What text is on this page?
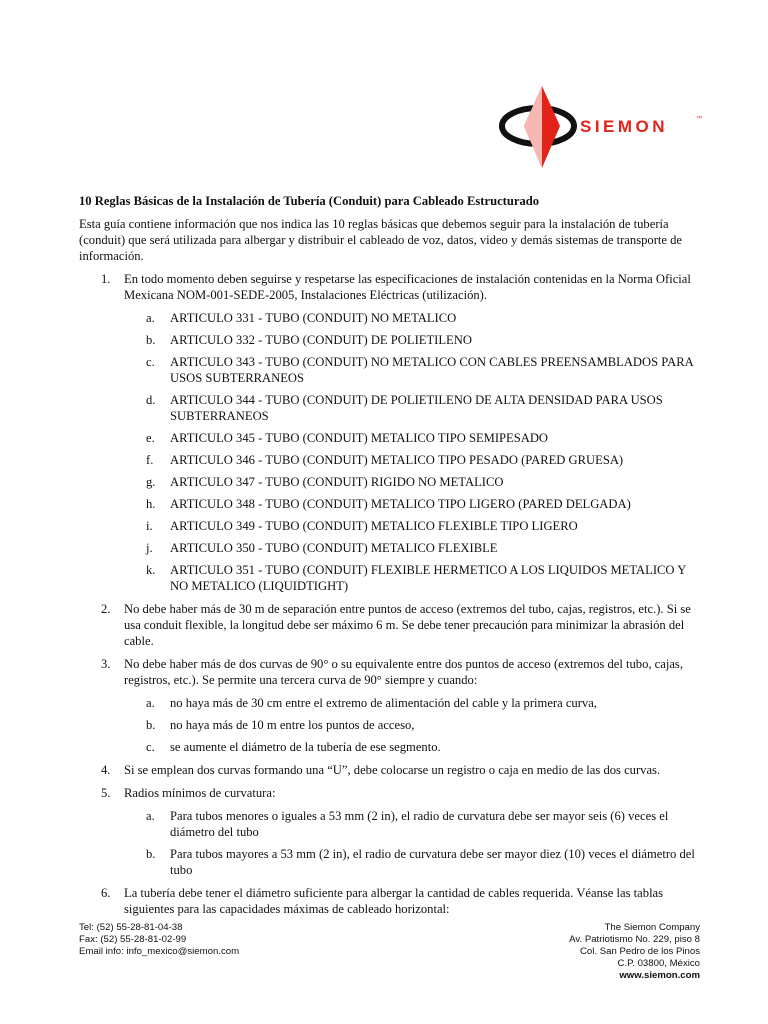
SIEMON	™
10 Reglas Básicas de la Instalación de Tubería (Conduit) para Cableado Estructurado

Esta guía contiene información que nos indica las 10 reglas básicas que debemos seguir para la instalación de tubería (conduit) que será utilizada para albergar y distribuir el cableado de voz, datos, video y demás sistemas de transporte de información.

1. En todo momento deben seguirse y respetarse las especificaciones de instalación contenidas en la Norma Oficial Mexicana NOM-001-SEDE-2005, Instalaciones Eléctricas (utilización).
a. ARTICULO 331 - TUBO (CONDUIT) NO METALICO
b. ARTICULO 332 - TUBO (CONDUIT) DE POLIETILENO
c. ARTICULO 343 - TUBO (CONDUIT) NO METALICO CON CABLES PREENSAMBLADOS PARA USOS SUBTERRANEOS
d. ARTICULO 344 - TUBO (CONDUIT) DE POLIETILENO DE ALTA DENSIDAD PARA USOS SUBTERRANEOS
e. ARTICULO 345 - TUBO (CONDUIT) METALICO TIPO SEMIPESADO
f. ARTICULO 346 - TUBO (CONDUIT) METALICO TIPO PESADO (PARED GRUESA)
g. ARTICULO 347 - TUBO (CONDUIT) RIGIDO NO METALICO
h. ARTICULO 348 - TUBO (CONDUIT) METALICO TIPO LIGERO (PARED DELGADA)
i. ARTICULO 349 - TUBO (CONDUIT) METALICO FLEXIBLE TIPO LIGERO
j. ARTICULO 350 - TUBO (CONDUIT) METALICO FLEXIBLE
k. ARTICULO 351 - TUBO (CONDUIT) FLEXIBLE HERMETICO A LOS LIQUIDOS METALICO Y NO METALICO (LIQUIDTIGHT)
2. No debe haber más de 30 m de separación entre puntos de acceso (extremos del tubo, cajas, registros, etc.). Si se usa conduit flexible, la longitud debe ser máximo 6 m. Se debe tener precaución para minimizar la abrasión del cable.
3. No debe haber más de dos curvas de 90° o su equivalente entre dos puntos de acceso (extremos del tubo, cajas, registros, etc.). Se permite una tercera curva de 90° siempre y cuando:
a. no haya más de 30 cm entre el extremo de alimentación del cable y la primera curva,
b. no haya más de 10 m entre los puntos de acceso,
c. se aumente el diámetro de la tubería de ese segmento.
4. Si se emplean dos curvas formando una “U”, debe colocarse un registro o caja en medio de las dos curvas.
5. Radios mínimos de curvatura:
a. Para tubos menores o iguales a 53 mm (2 in), el radio de curvatura debe ser mayor seis (6) veces el diámetro del tubo
b. Para tubos mayores a 53 mm (2 in), el radio de curvatura debe ser mayor diez (10) veces el diámetro del tubo
6. La tubería debe tener el diámetro suficiente para albergar la cantidad de cables requerida. Véanse las tablas siguientes para las capacidades máximas de cableado horizontal:
Tel: (52) 55-28-81-04-38
Fax: (52) 55-28-81-02-99
Email info: info_mexico@siemon.com
The Siemon Company
Av. Patriotismo No. 229, piso 8
Col. San Pedro de los Pinos
C.P. 03800, México
www.siemon.com
